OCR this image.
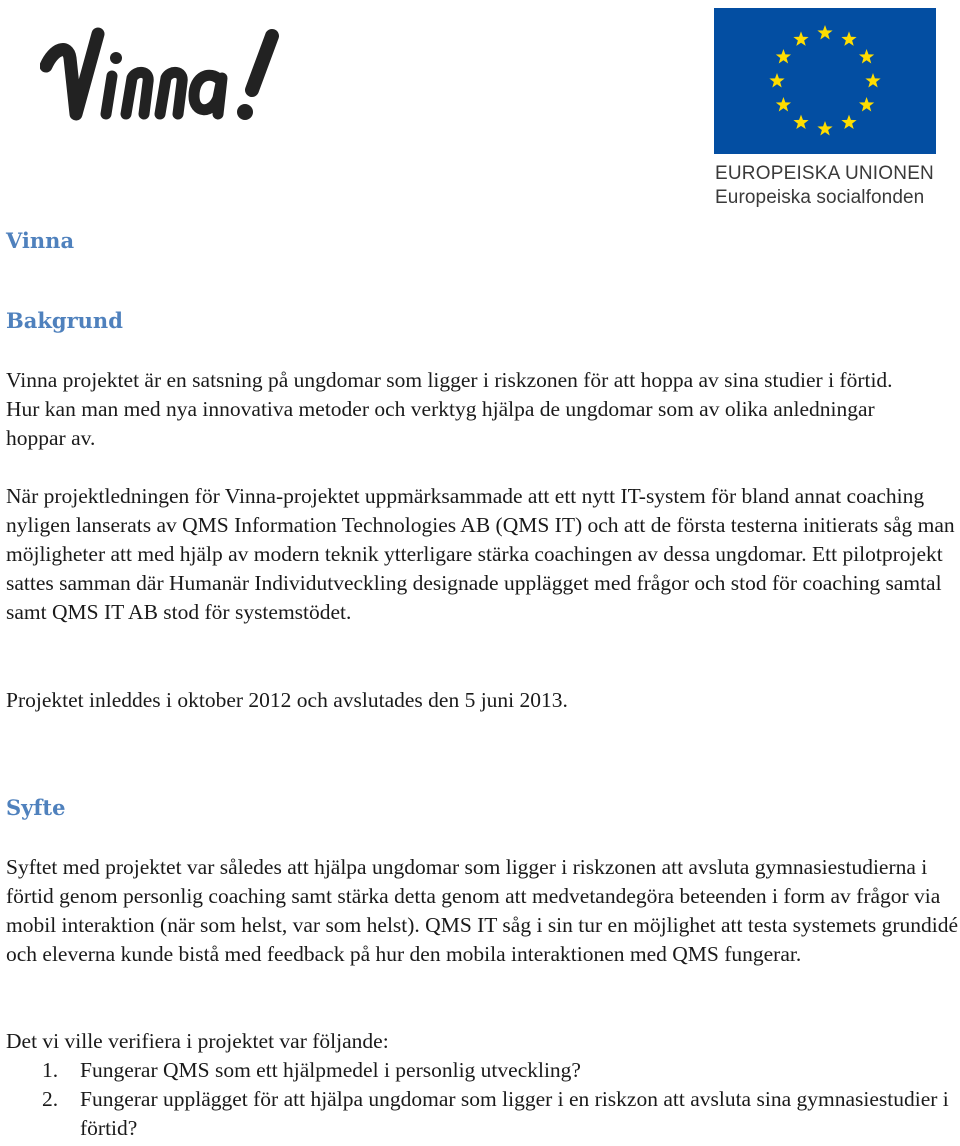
EUROPEISKA UNIONEN
Europeiska socialfonden
Vinna
Bakgrund

Vinna projektet är en satsning på ungdomar som ligger i riskzonen för att hoppa av sina studier i förtid. Hur kan man med nya innovativa metoder och verktyg hjälpa de ungdomar som av olika anledningar hoppar av.

När projektledningen för Vinna-projektet uppmärksammade att ett nytt IT-system för bland annat coaching nyligen lanserats av QMS Information Technologies AB (QMS IT) och att de första testerna initierats såg man möjligheter att med hjälp av modern teknik ytterligare stärka coachingen av dessa ungdomar. Ett pilotprojekt sattes samman där Humanär Individutveckling designade upplägget med frågor och stod för coaching samtal samt QMS IT AB stod för systemstödet.

Projektet inleddes i oktober 2012 och avslutades den 5 juni 2013.

Syfte

Syftet med projektet var således att hjälpa ungdomar som ligger i riskzonen att avsluta gymnasiestudierna i förtid genom personlig coaching samt stärka detta genom att medvetandegöra beteenden i form av frågor via mobil interaktion (när som helst, var som helst). QMS IT såg i sin tur en möjlighet att testa systemets grundidé och eleverna kunde bistå med feedback på hur den mobila interaktionen med QMS fungerar.

Det vi ville verifiera i projektet var följande:

1. Fungerar QMS som ett hjälpmedel i personlig utveckling?
2. Fungerar upplägget för att hjälpa ungdomar som ligger i en riskzon att avsluta sina gymnasiestudier i förtid?
